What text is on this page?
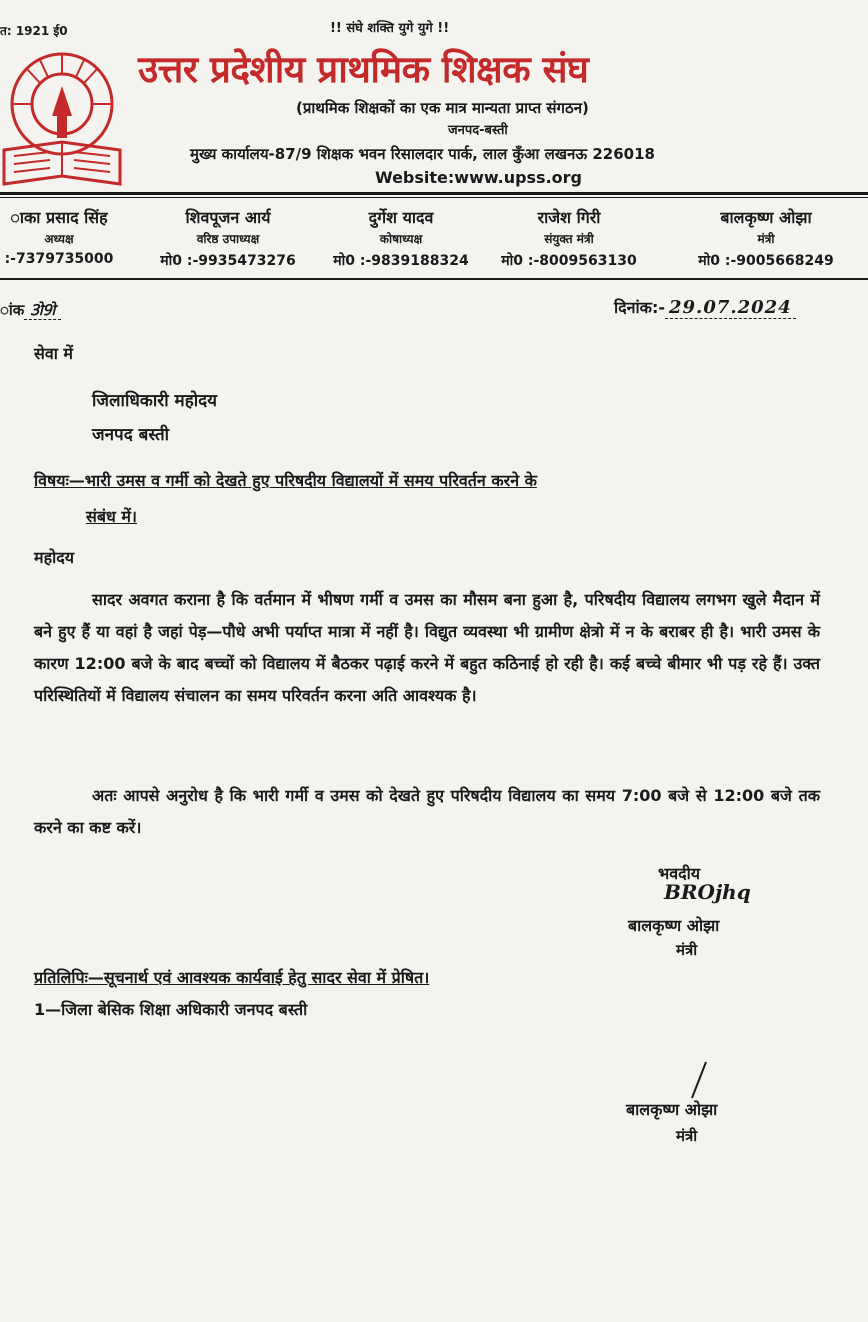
त: 1921 ई0	!! संघे शक्ति युगे युगे !!
उत्तर प्रदेशीय प्राथमिक शिक्षक संघ
(प्राथमिक शिक्षकों का एक मात्र मान्यता प्राप्त संगठन)
जनपद-बस्ती
मुख्य कार्यालय-87/9 शिक्षक भवन रिसालदार पार्क, लाल कुँआ लखनऊ 226018
Website:www.upss.org
ाका प्रसाद सिंह
अध्यक्ष
:-7379735000
शिवपूजन आर्य
वरिष्ठ उपाध्यक्ष
मो0 :-9935473276
दुर्गेश यादव
कोषाध्यक्ष
मो0 :-9839188324
राजेश गिरी
संयुक्त मंत्री
मो0 :-8009563130
बालकृष्ण ओझा
मंत्री
मो0 :-9005668249
ांक 3ो9ो	दिनांक:- 29.07.2024
सेवा में
जिलाधिकारी महोदय
जनपद बस्ती
विषयः—भारी उमस व गर्मी को देखते हुए परिषदीय विद्यालयों में समय परिवर्तन करने के
संबंध में।
महोदय
सादर अवगत कराना है कि वर्तमान में भीषण गर्मी व उमस का मौसम बना हुआ है, परिषदीय विद्यालय लगभग खुले मैदान में बने हुए हैं या वहां है जहां पेड़—पौधे अभी पर्याप्त मात्रा में नहीं है। विद्युत व्यवस्था भी ग्रामीण क्षेत्रो में न के बराबर ही है। भारी उमस के कारण 12:00 बजे के बाद बच्चों को विद्यालय में बैठकर पढ़ाई करने में बहुत कठिनाई हो रही है। कई बच्चे बीमार भी पड़ रहे हैं। उक्त परिस्थितियों में विद्यालय संचालन का समय परिवर्तन करना अति आवश्यक है।
अतः आपसे अनुरोध है कि भारी गर्मी व उमस को देखते हुए परिषदीय विद्यालय का समय 7:00 बजे से 12:00 बजे तक करने का कष्ट करें।
भवदीय
BROjhq
बालकृष्ण ओझा
मंत्री
प्रतिलिपिः—सूचनार्थ एवं आवश्यक कार्यवाई हेतु सादर सेवा में प्रेषित।
1—जिला बेसिक शिक्षा अधिकारी जनपद बस्ती
बालकृष्ण ओझा
मंत्री
